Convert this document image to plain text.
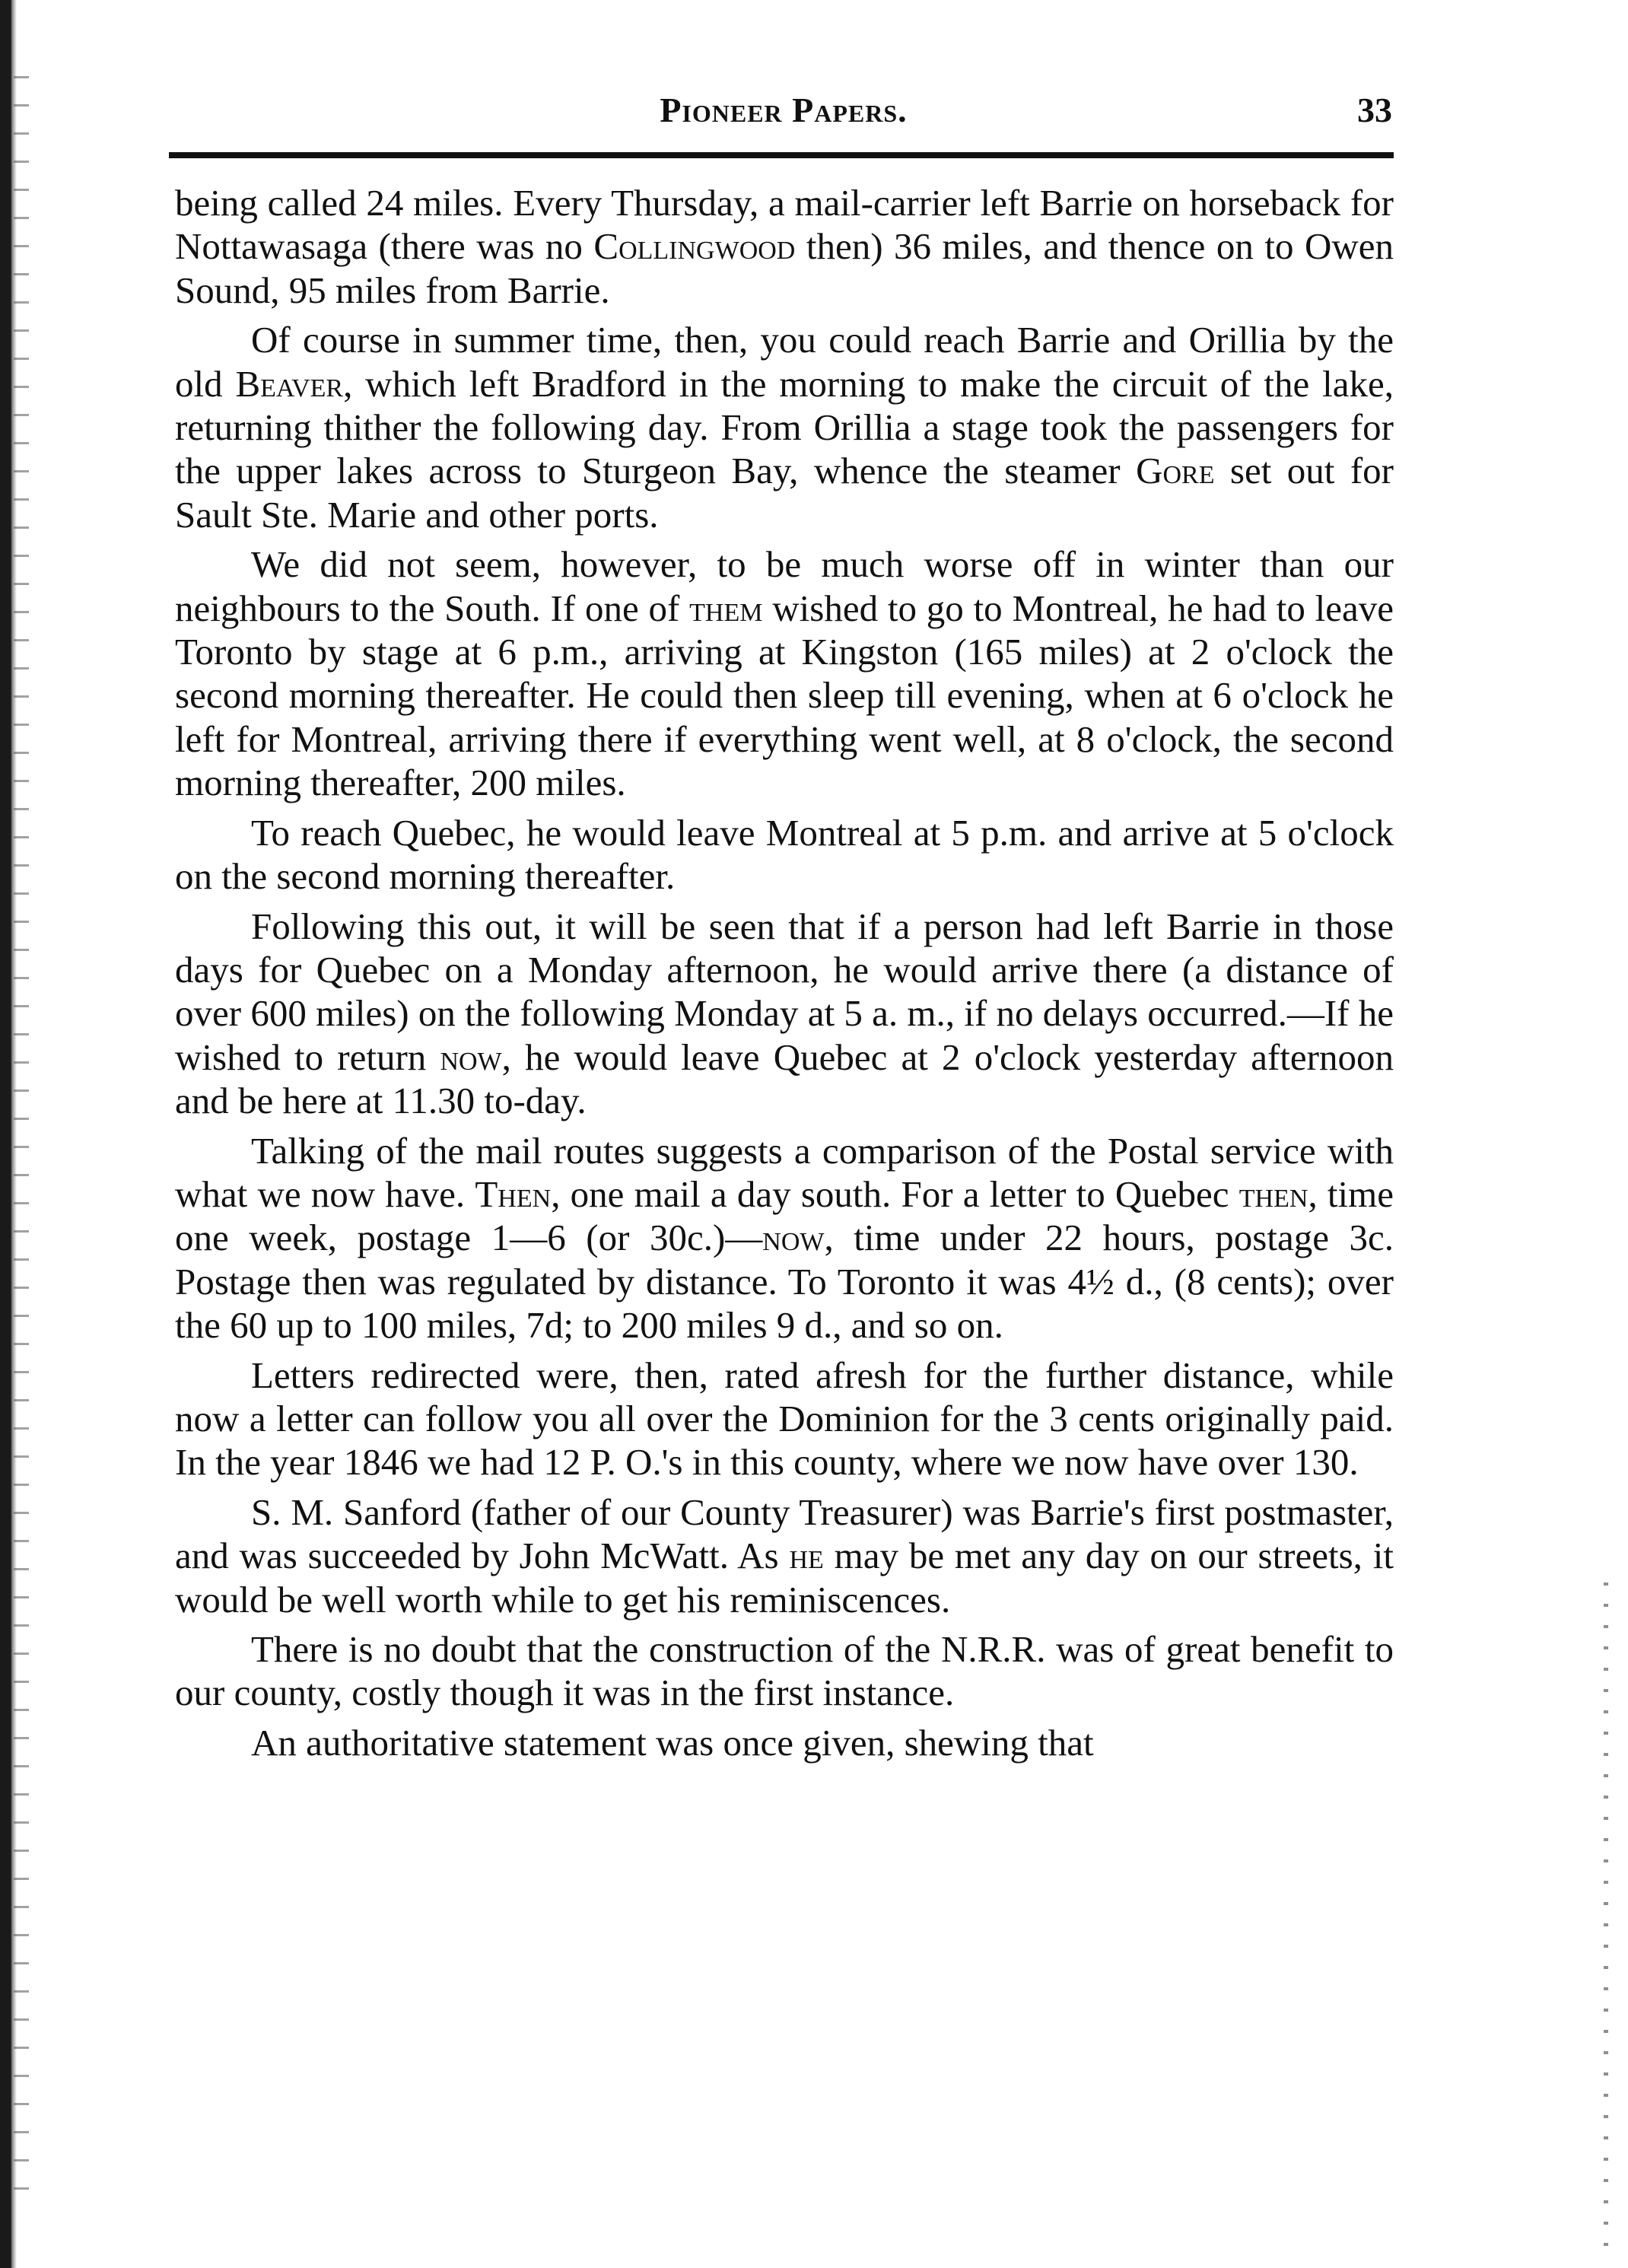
Pioneer Papers.	33

being called 24 miles. Every Thursday, a mail-carrier left Barrie on horseback for Nottawasaga (there was no Collingwood then) 36 miles, and thence on to Owen Sound, 95 miles from Barrie.

Of course in summer time, then, you could reach Barrie and Orillia by the old Beaver, which left Bradford in the morning to make the circuit of the lake, returning thither the following day. From Orillia a stage took the passengers for the upper lakes across to Sturgeon Bay, whence the steamer Gore set out for Sault Ste. Marie and other ports.

We did not seem, however, to be much worse off in winter than our neighbours to the South. If one of them wished to go to Montreal, he had to leave Toronto by stage at 6 p.m., arriving at Kingston (165 miles) at 2 o'clock the second morning thereafter. He could then sleep till evening, when at 6 o'clock he left for Montreal, arriving there if everything went well, at 8 o'clock, the second morning thereafter, 200 miles.

To reach Quebec, he would leave Montreal at 5 p.m. and arrive at 5 o'clock on the second morning thereafter.

Following this out, it will be seen that if a person had left Barrie in those days for Quebec on a Monday afternoon, he would arrive there (a distance of over 600 miles) on the following Monday at 5 a. m., if no delays occurred.—If he wished to return now, he would leave Quebec at 2 o'clock yesterday afternoon and be here at 11.30 to-day.

Talking of the mail routes suggests a comparison of the Postal service with what we now have. Then, one mail a day south. For a letter to Quebec then, time one week, postage 1—6 (or 30c.)—now, time under 22 hours, postage 3c. Postage then was regulated by distance. To Toronto it was 4½ d., (8 cents); over the 60 up to 100 miles, 7d; to 200 miles 9 d., and so on.

Letters redirected were, then, rated afresh for the further distance, while now a letter can follow you all over the Dominion for the 3 cents originally paid. In the year 1846 we had 12 P. O.'s in this county, where we now have over 130.

S. M. Sanford (father of our County Treasurer) was Barrie's first postmaster, and was succeeded by John McWatt. As he may be met any day on our streets, it would be well worth while to get his reminiscences.

There is no doubt that the construction of the N.R.R. was of great benefit to our county, costly though it was in the first instance.

An authoritative statement was once given, shewing that
